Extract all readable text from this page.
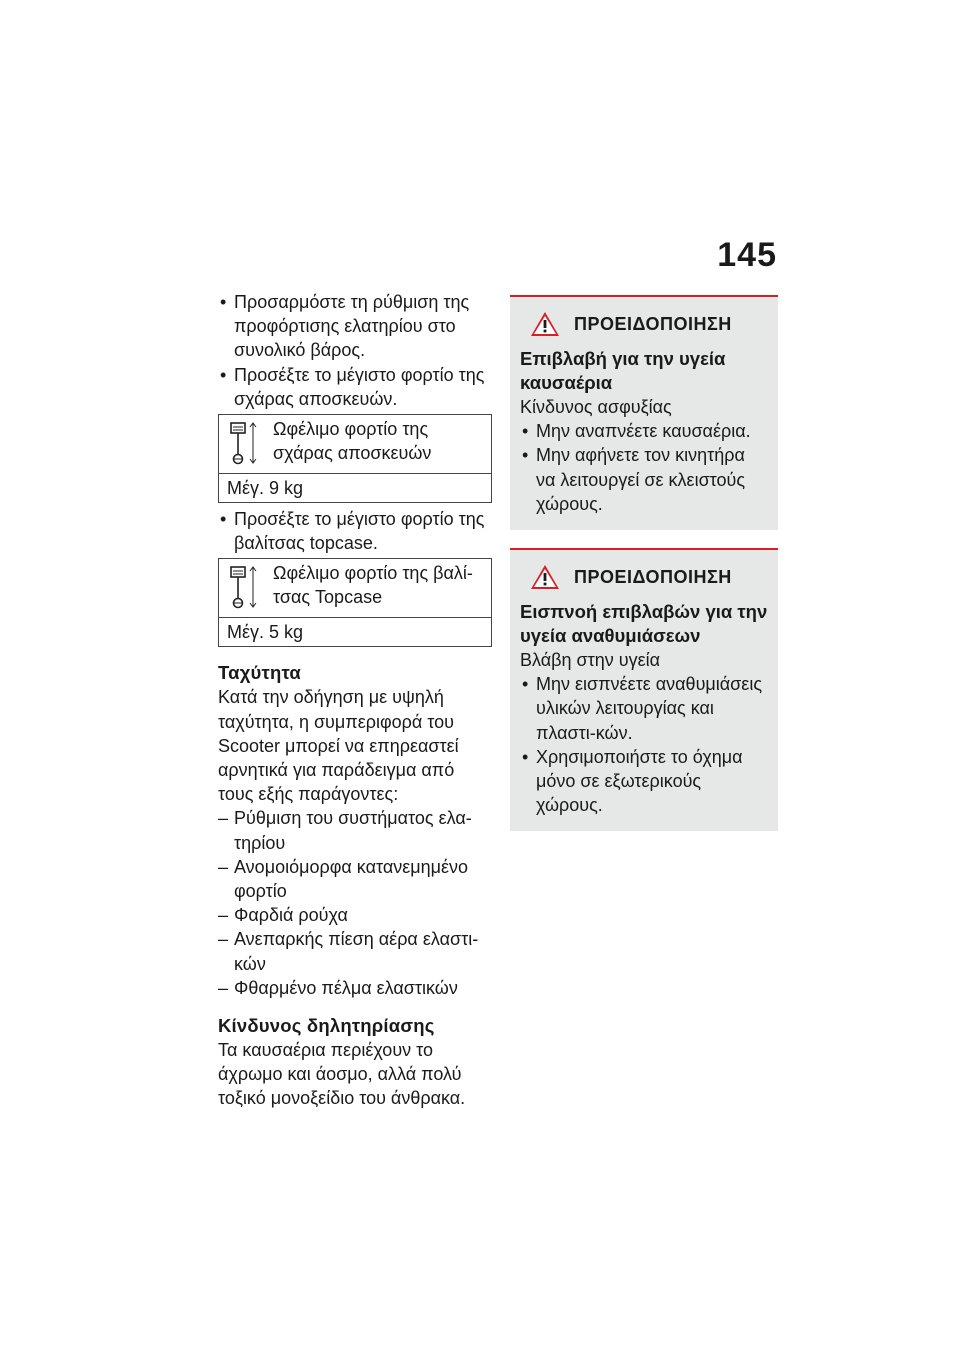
145

• Προσαρμόστε τη ρύθμιση της προφόρτισης ελατηρίου στο συνολικό βάρος.

• Προσέξτε το μέγιστο φορτίο της σχάρας αποσκευών.

Ωφέλιμο φορτίο της σχάρας αποσκευών
Μέγ. 9 kg

• Προσέξτε το μέγιστο φορτίο της βαλίτσας topcase.

Ωφέλιμο φορτίο της βαλί-τσας Topcase
Μέγ. 5 kg
Ταχύτητα

Κατά την οδήγηση με υψηλή ταχύτητα, η συμπεριφορά του Scooter μπορεί να επηρεαστεί αρνητικά για παράδειγμα από τους εξής παράγοντες:

– Ρύθμιση του συστήματος ελα-τηρίου

– Ανομοιόμορφα κατανεμημένο φορτίο

– Φαρδιά ρούχα

– Ανεπαρκής πίεση αέρα ελαστι-κών

– Φθαρμένο πέλμα ελαστικών

Κίνδυνος δηλητηρίασης

Τα καυσαέρια περιέχουν το άχρωμο και άοσμο, αλλά πολύ τοξικό μονοξείδιο του άνθρακα.

ΠΡΟΕΙΔΟΠΟΙΗΣΗ
Επιβλαβή για την υγεία καυσαέρια

Κίνδυνος ασφυξίας

• Μην αναπνέετε καυσαέρια.

• Μην αφήνετε τον κινητήρα να λειτουργεί σε κλειστούς χώρους.

ΠΡΟΕΙΔΟΠΟΙΗΣΗ
Εισπνοή επιβλαβών για την υγεία αναθυμιάσεων

Βλάβη στην υγεία

• Μην εισπνέετε αναθυμιάσεις υλικών λειτουργίας και πλαστι-κών.

• Χρησιμοποιήστε το όχημα μόνο σε εξωτερικούς χώρους.
